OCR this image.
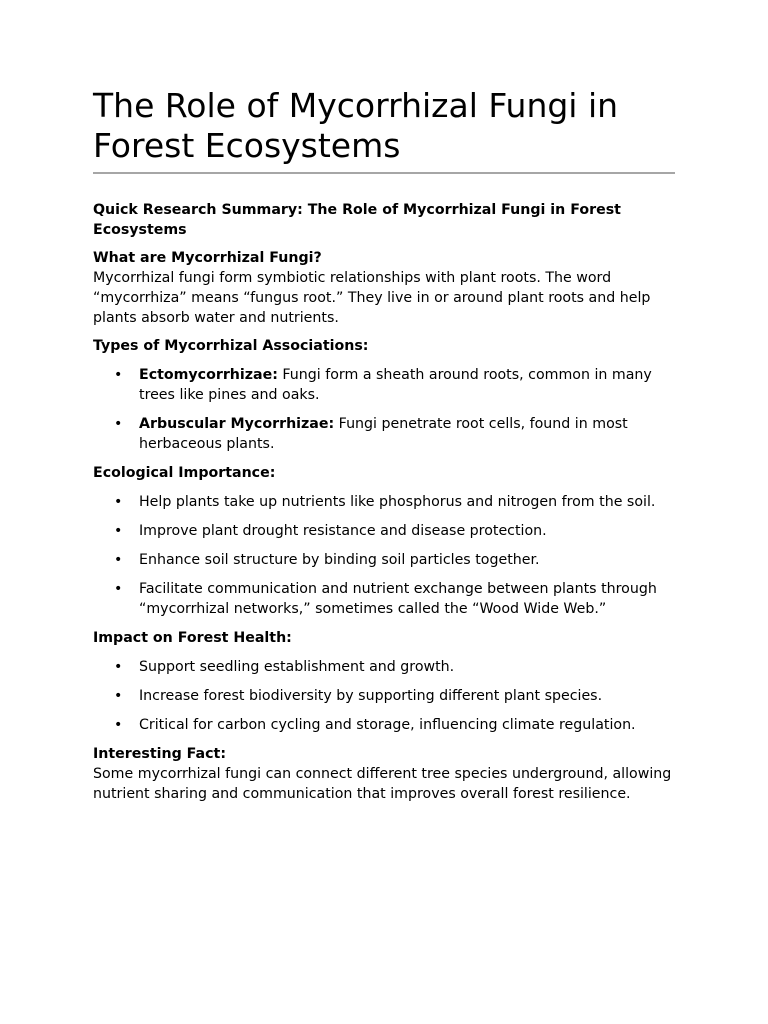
The Role of Mycorrhizal Fungi in Forest Ecosystems

Quick Research Summary: The Role of Mycorrhizal Fungi in Forest Ecosystems

What are Mycorrhizal Fungi?

Mycorrhizal fungi form symbiotic relationships with plant roots. The word “mycorrhiza” means “fungus root.” They live in or around plant roots and help plants absorb water and nutrients.

Types of Mycorrhizal Associations:

• Ectomycorrhizae: Fungi form a sheath around roots, common in many trees like pines and oaks.
• Arbuscular Mycorrhizae: Fungi penetrate root cells, found in most herbaceous plants.

Ecological Importance:

• Help plants take up nutrients like phosphorus and nitrogen from the soil.
• Improve plant drought resistance and disease protection.
• Enhance soil structure by binding soil particles together.
• Facilitate communication and nutrient exchange between plants through “mycorrhizal networks,” sometimes called the “Wood Wide Web.”

Impact on Forest Health:

• Support seedling establishment and growth.
• Increase forest biodiversity by supporting different plant species.
• Critical for carbon cycling and storage, influencing climate regulation.

Interesting Fact:

Some mycorrhizal fungi can connect different tree species underground, allowing nutrient sharing and communication that improves overall forest resilience.
